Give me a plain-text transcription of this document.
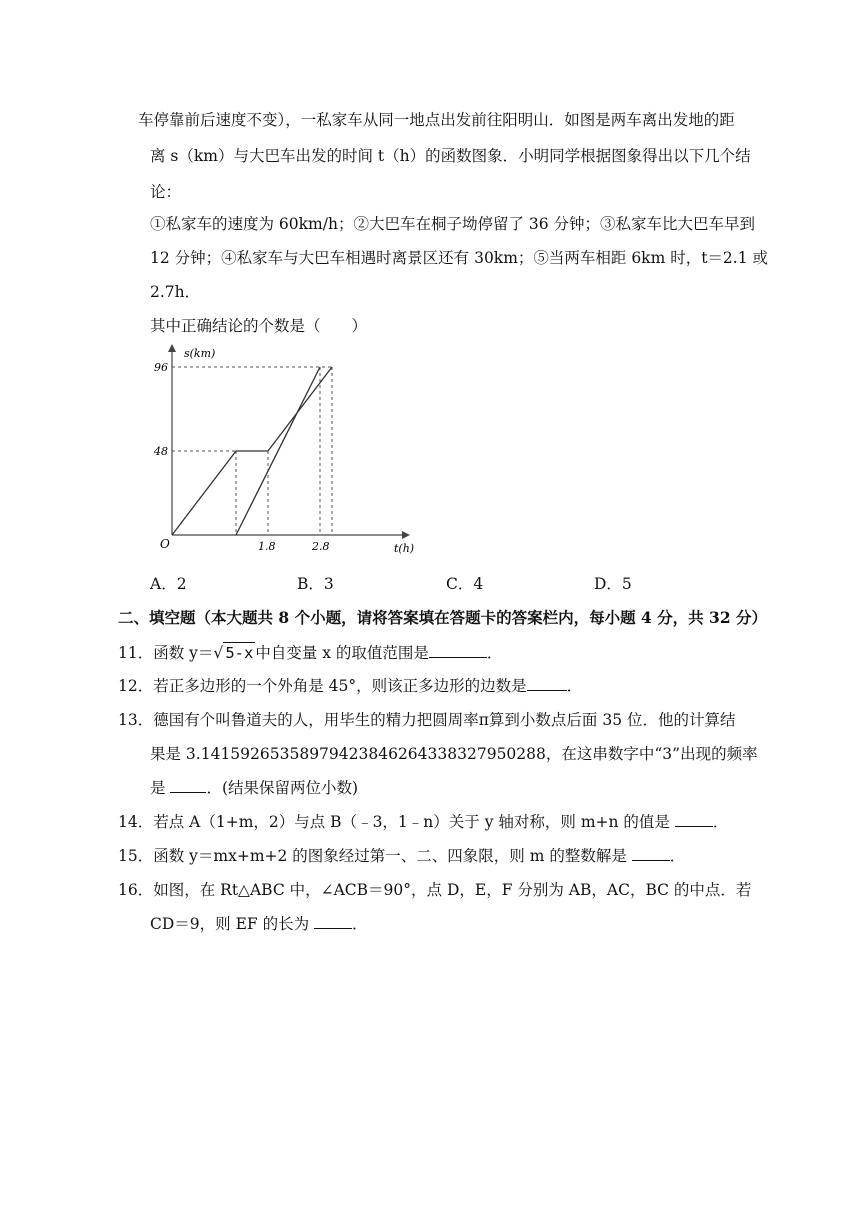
车停靠前后速度不变），一私家车从同一地点出发前往阳明山．如图是两车离出发地的距
离 s（km）与大巴车出发的时间 t（h）的函数图象．小明同学根据图象得出以下几个结
论：
①私家车的速度为 60km/h；②大巴车在桐子坳停留了 36 分钟；③私家车比大巴车早到
12 分钟；④私家车与大巴车相遇时离景区还有 30km；⑤当两车相距 6km 时，t＝2.1 或
2.7h．
其中正确结论的个数是（　　）
s(km)
t(h)
O
96
48
1.8	2.8
A．2	B．3	C．4	D．5
二、填空题（本大题共 8 个小题，请将答案填在答题卡的答案栏内，每小题 4 分，共 32 分）
11．函数 y＝√ 5-x 中自变量 x 的取值范围是	．
12．若正多边形的一个外角是 45°，则该正多边形的边数是	．
13．德国有个叫鲁道夫的人，用毕生的精力把圆周率π算到小数点后面 35 位．他的计算结
果是 3.14159265358979423846264338327950288，在这串数字中“3”出现的频率
是 ．(结果保留两位小数)
14．若点 A（1+m，2）与点 B（﹣3，1﹣n）关于 y 轴对称，则 m+n 的值是 ．
15．函数 y＝mx+m+2 的图象经过第一、二、四象限，则 m 的整数解是 ．
16．如图，在 Rt△ABC 中，∠ACB＝90°，点 D，E，F 分别为 AB，AC，BC 的中点．若
CD＝9，则 EF 的长为 ．
